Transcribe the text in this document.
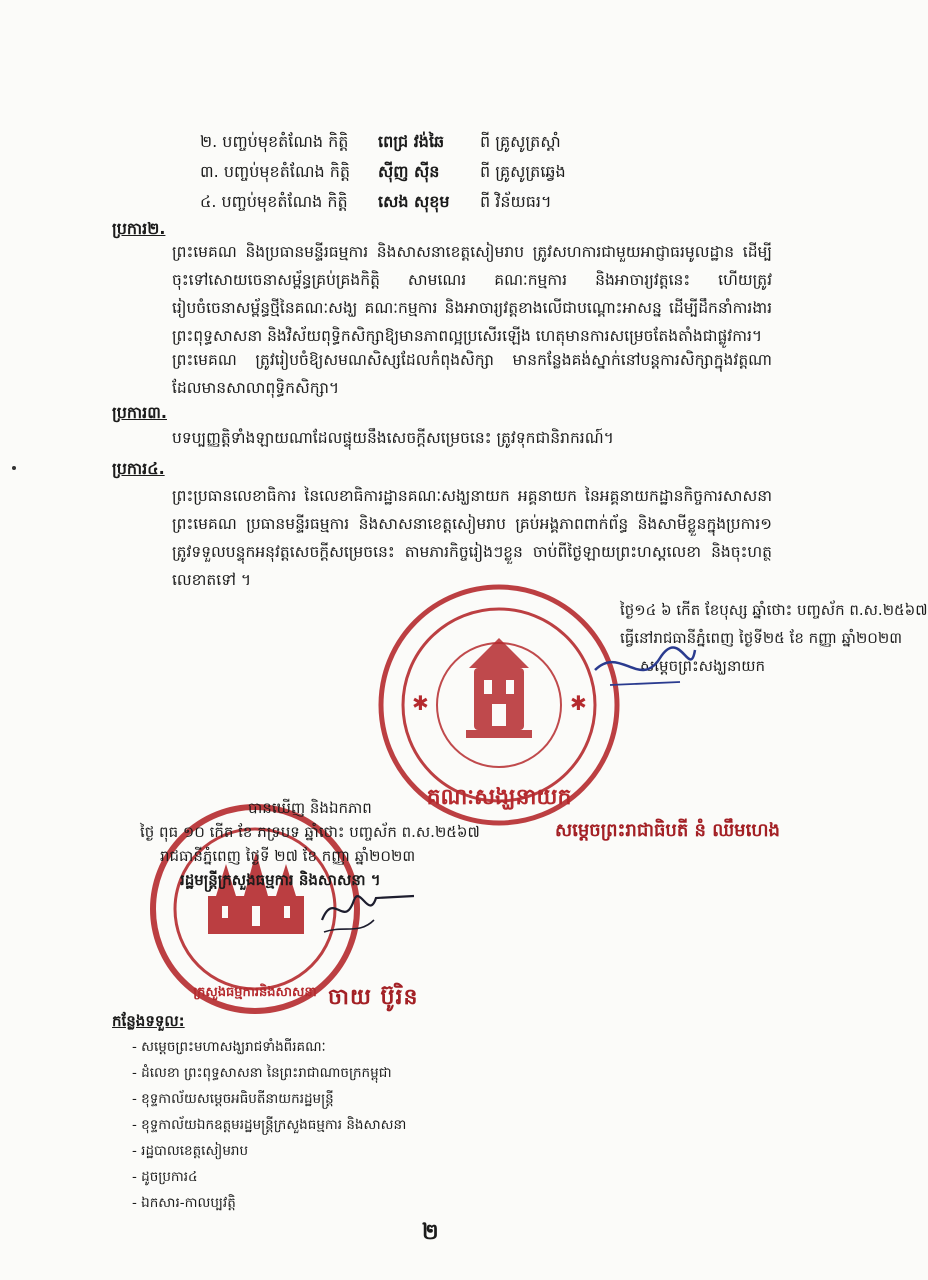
២. បញ្ចប់មុខតំណែង កិត្តិ	ពេជ្រ វង់ឆៃ	ពី គ្រូសូត្រស្តាំ
៣. បញ្ចប់មុខតំណែង កិត្តិ	ស៊ីញ ស៊ីន	ពី គ្រូសូត្រឆ្វេង
៤. បញ្ចប់មុខតំណែង កិត្តិ	សេង សុខុម	ពី វិន័យធរ។
ប្រការ២.
ព្រះមេគណ និងប្រធានមន្ទីរធម្មការ និងសាសនាខេត្តសៀមរាប ត្រូវសហការជាមួយអាជ្ញាធរមូលដ្ឋាន ដើម្បីចុះទៅសោយចេនាសម្ព័ន្ធគ្រប់គ្រងកិត្តិ សាមណេរ គណៈកម្មការ និងអាចារ្យវត្តនេះ ហើយត្រូវរៀបចំចេនាសម្ព័ន្ធថ្មីនៃគណៈសង្ឃ គណៈកម្មការ និងអាចារ្យវត្តខាងលើជាបណ្តោះអាសន្ន ដើម្បីដឹកនាំការងារព្រះពុទ្ធសាសនា និងវិស័យពុទ្ធិកសិក្សាឱ្យមានភាពល្អប្រសើរឡើង ហេតុមានការសម្រេចតែងតាំងជាផ្លូវការ។
ព្រះមេគណ ត្រូវរៀបចំឱ្យសមណសិស្សដែលកំពុងសិក្សា មានកន្លែងគង់ស្នាក់នៅបន្តការសិក្សាក្នុងវត្តណាដែលមានសាលាពុទ្ធិកសិក្សា។
ប្រការ៣.
បទប្បញ្ញត្តិទាំងឡាយណាដែលផ្ទុយនឹងសេចក្តីសម្រេចនេះ ត្រូវទុកជានិរាករណ៍។
ប្រការ៤.
ព្រះប្រធានលេខាធិការ នៃលេខាធិការដ្ឋានគណៈសង្ឃនាយក អគ្គនាយក នៃអគ្គនាយកដ្ឋានកិច្ចការសាសនា ព្រះមេគណ ប្រធានមន្ទីរធម្មការ និងសាសនាខេត្តសៀមរាប គ្រប់អង្គភាពពាក់ព័ន្ធ និងសាមីខ្លួនក្នុងប្រការ១ ត្រូវទទួលបន្ទុកអនុវត្តសេចក្តីសម្រេចនេះ តាមភារកិច្ចរៀងៗខ្លួន ចាប់ពីថ្ងៃឡាយព្រះហស្តលេខា និងចុះហត្ថលេខាតទៅ ។
✱	✱
គណៈសង្ឃនាយក
ថ្ងៃ១៤ ៦ កើត ខែបុស្ស ឆ្នាំថោះ បញ្ចស័ក ព.ស.២៥៦៧
ធ្វើនៅរាជធានីភ្នំពេញ ថ្ងៃទី២៥ ខែ កញ្ញា ឆ្នាំ២០២៣
សម្តេចព្រះសង្ឃនាយក
សម្តេចព្រះរាជាធិបតី នំ ឈឹមហេង
ក្រសួងធម្មការនិងសាសនា
បានឃើញ និងឯកភាព
ថ្ងៃ ពុធ ១០ កើត ខែ ភទ្របទ ឆ្នាំថោះ បញ្ចស័ក ព.ស.២៥៦៧
រាជធានីភ្នំពេញ ថ្ងៃទី ២៧ ខែ កញ្ញា ឆ្នាំ២០២៣
រដ្ឋមន្ត្រីក្រសួងធម្មការ និងសាសនា ។
ចាយ ប៊ូរិន
កន្លែងទទួល:
- សម្តេចព្រះមហាសង្ឃរាជទាំងពីរគណៈ
- ដំលេខា ព្រះពុទ្ធសាសនា នៃព្រះរាជាណាចក្រកម្ពុជា
- ខុទ្ទកាល័យសម្តេចអធិបតីនាយករដ្ឋមន្ត្រី
- ខុទ្ទកាល័យឯកឧត្តមរដ្ឋមន្ត្រីក្រសួងធម្មការ និងសាសនា
- រដ្ឋបាលខេត្តសៀមរាប
- ដូចប្រការ៤
- ឯកសារ-កាលប្បវត្តិ
២
